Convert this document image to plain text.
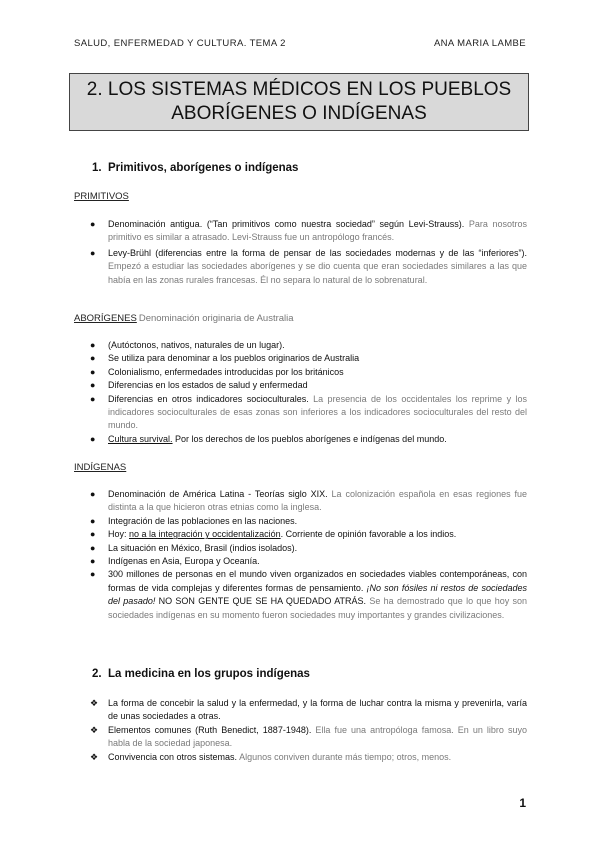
SALUD, ENFERMEDAD Y CULTURA. TEMA 2	ANA MARIA LAMBE
2. LOS SISTEMAS MÉDICOS EN LOS PUEBLOS
ABORÍGENES O INDÍGENAS
1. Primitivos, aborígenes o indígenas
PRIMITIVOS
● Denominación antigua. (“Tan primitivos como nuestra sociedad” según Levi-Strauss). Para nosotros primitivo es similar a atrasado. Levi-Strauss fue un antropólogo francés.
● Levy-Brühl (diferencias entre la forma de pensar de las sociedades modernas y de las “inferiores”). Empezó a estudiar las sociedades aborígenes y se dio cuenta que eran sociedades similares a las que había en las zonas rurales francesas. Él no separa lo natural de lo sobrenatural.
ABORÍGENES Denominación originaria de Australia
● (Autóctonos, nativos, naturales de un lugar).
● Se utiliza para denominar a los pueblos originarios de Australia
● Colonialismo, enfermedades introducidas por los británicos
● Diferencias en los estados de salud y enfermedad
● Diferencias en otros indicadores socioculturales. La presencia de los occidentales los reprime y los indicadores socioculturales de esas zonas son inferiores a los indicadores socioculturales del resto del mundo.
● Cultura survival. Por los derechos de los pueblos aborígenes e indígenas del mundo.
INDÍGENAS
● Denominación de América Latina - Teorías siglo XIX. La colonización española en esas regiones fue distinta a la que hicieron otras etnias como la inglesa.
● Integración de las poblaciones en las naciones.
● Hoy: no a la integración y occidentalización. Corriente de opinión favorable a los indios.
● La situación en México, Brasil (indios isolados).
● Indígenas en Asia, Europa y Oceanía.
● 300 millones de personas en el mundo viven organizados en sociedades viables contemporáneas, con formas de vida complejas y diferentes formas de pensamiento. ¡No son fósiles ni restos de sociedades del pasado! NO SON GENTE QUE SE HA QUEDADO ATRÁS. Se ha demostrado que lo que hoy son sociedades indígenas en su momento fueron sociedades muy importantes y grandes civilizaciones.
2. La medicina en los grupos indígenas
❖ La forma de concebir la salud y la enfermedad, y la forma de luchar contra la misma y prevenirla, varía de unas sociedades a otras.
❖ Elementos comunes (Ruth Benedict, 1887-1948). Ella fue una antropóloga famosa. En un libro suyo habla de la sociedad japonesa.
❖ Convivencia con otros sistemas. Algunos conviven durante más tiempo; otros, menos.
1
